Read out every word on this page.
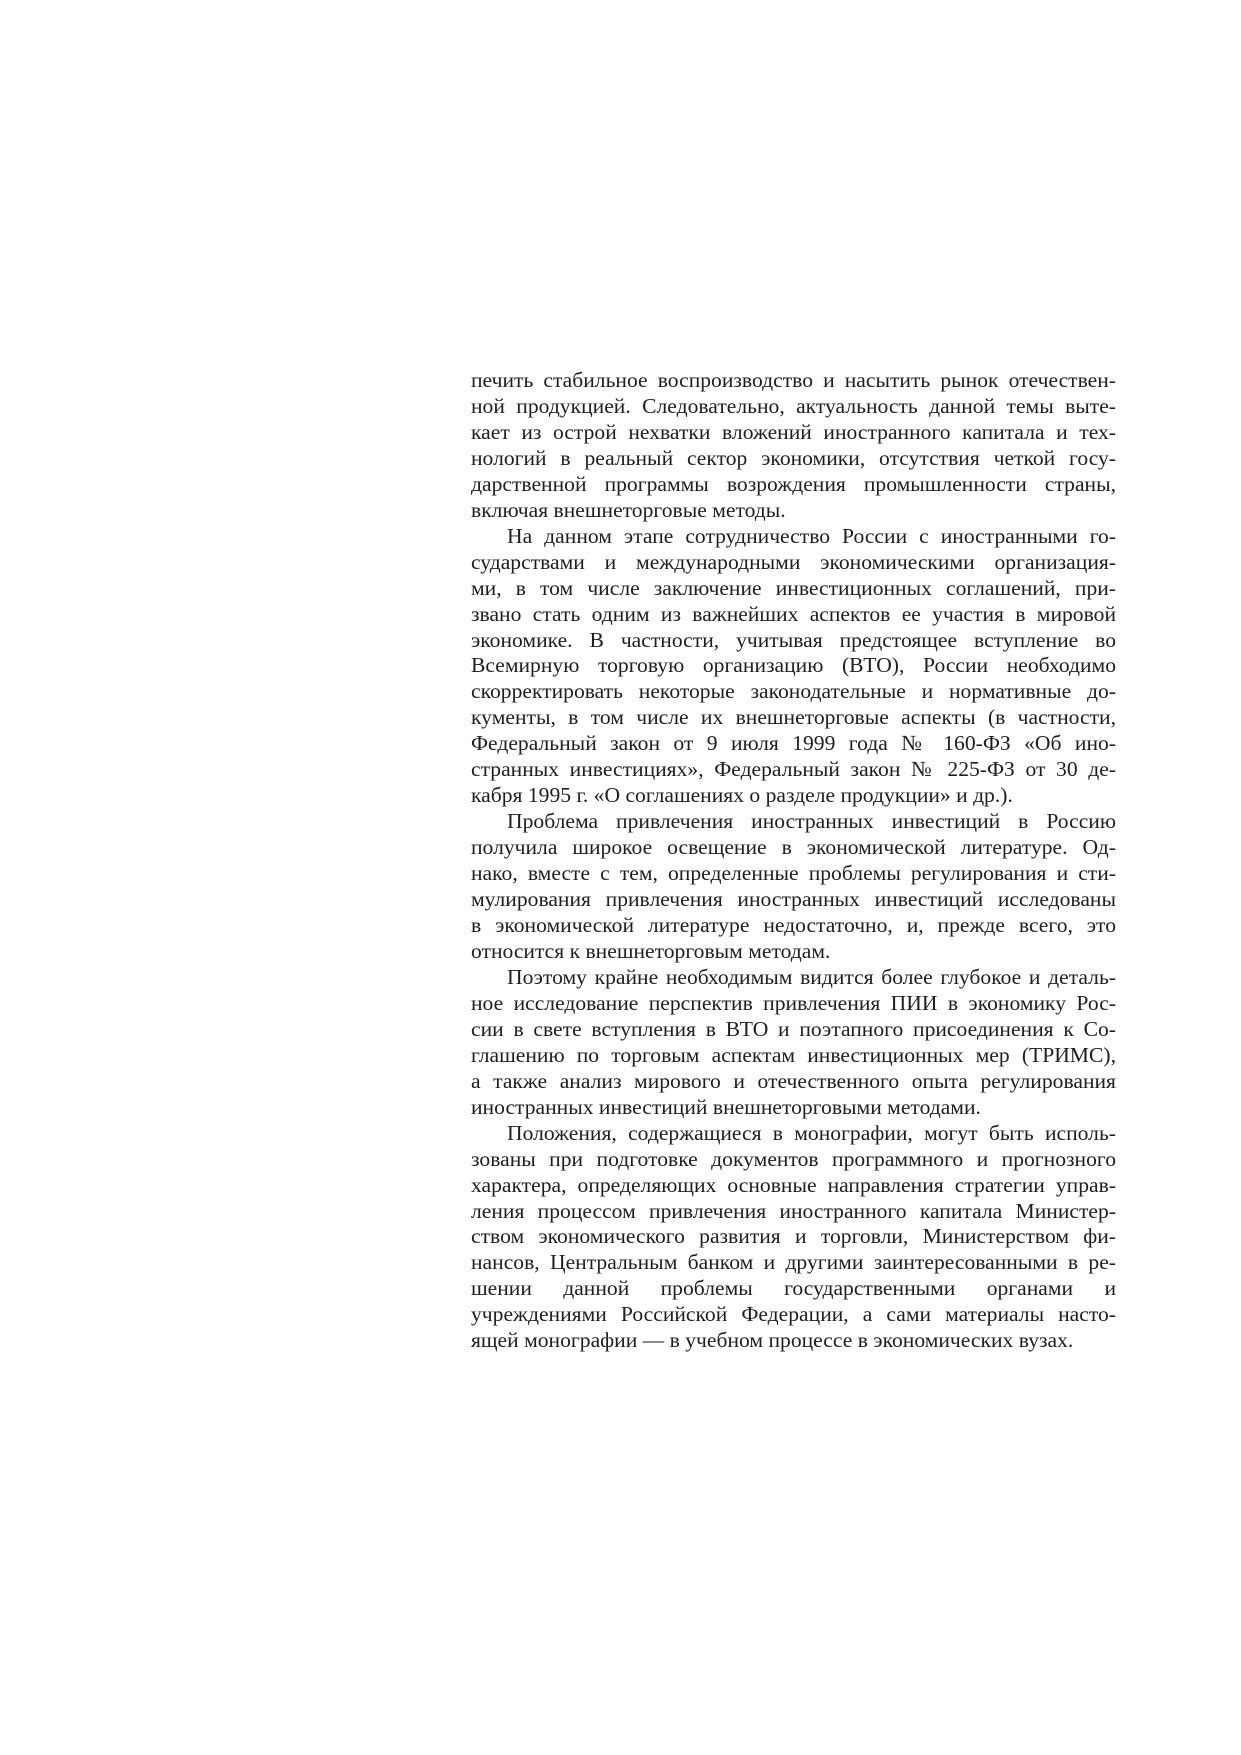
печить стабильное воспроизводство и насытить рынок отечествен-
ной продукцией. Следовательно, актуальность данной темы выте-
кает из острой нехватки вложений иностранного капитала и тех-
нологий в реальный сектор экономики, отсутствия четкой госу-
дарственной программы возрождения промышленности страны,
включая внешнеторговые методы.

На данном этапе сотрудничество России с иностранными го-
сударствами и международными экономическими организация-
ми, в том числе заключение инвестиционных соглашений, при-
звано стать одним из важнейших аспектов ее участия в мировой
экономике. В частности, учитывая предстоящее вступление во
Всемирную торговую организацию (ВТО), России необходимо
скорректировать некоторые законодательные и нормативные до-
кументы, в том числе их внешнеторговые аспекты (в частности,
Федеральный закон от 9 июля 1999 года № 160-ФЗ «Об ино-
странных инвестициях», Федеральный закон № 225-ФЗ от 30 де-
кабря 1995 г. «О соглашениях о разделе продукции» и др.).

Проблема привлечения иностранных инвестиций в Россию
получила широкое освещение в экономической литературе. Од-
нако, вместе с тем, определенные проблемы регулирования и сти-
мулирования привлечения иностранных инвестиций исследованы
в экономической литературе недостаточно, и, прежде всего, это
относится к внешнеторговым методам.

Поэтому крайне необходимым видится более глубокое и деталь-
ное исследование перспектив привлечения ПИИ в экономику Рос-
сии в свете вступления в ВТО и поэтапного присоединения к Со-
глашению по торговым аспектам инвестиционных мер (ТРИМС),
а также анализ мирового и отечественного опыта регулирования
иностранных инвестиций внешнеторговыми методами.

Положения, содержащиеся в монографии, могут быть исполь-
зованы при подготовке документов программного и прогнозного
характера, определяющих основные направления стратегии управ-
ления процессом привлечения иностранного капитала Министер-
ством экономического развития и торговли, Министерством фи-
нансов, Центральным банком и другими заинтересованными в ре-
шении данной проблемы государственными органами и
учреждениями Российской Федерации, а сами материалы насто-
ящей монографии — в учебном процессе в экономических вузах.
